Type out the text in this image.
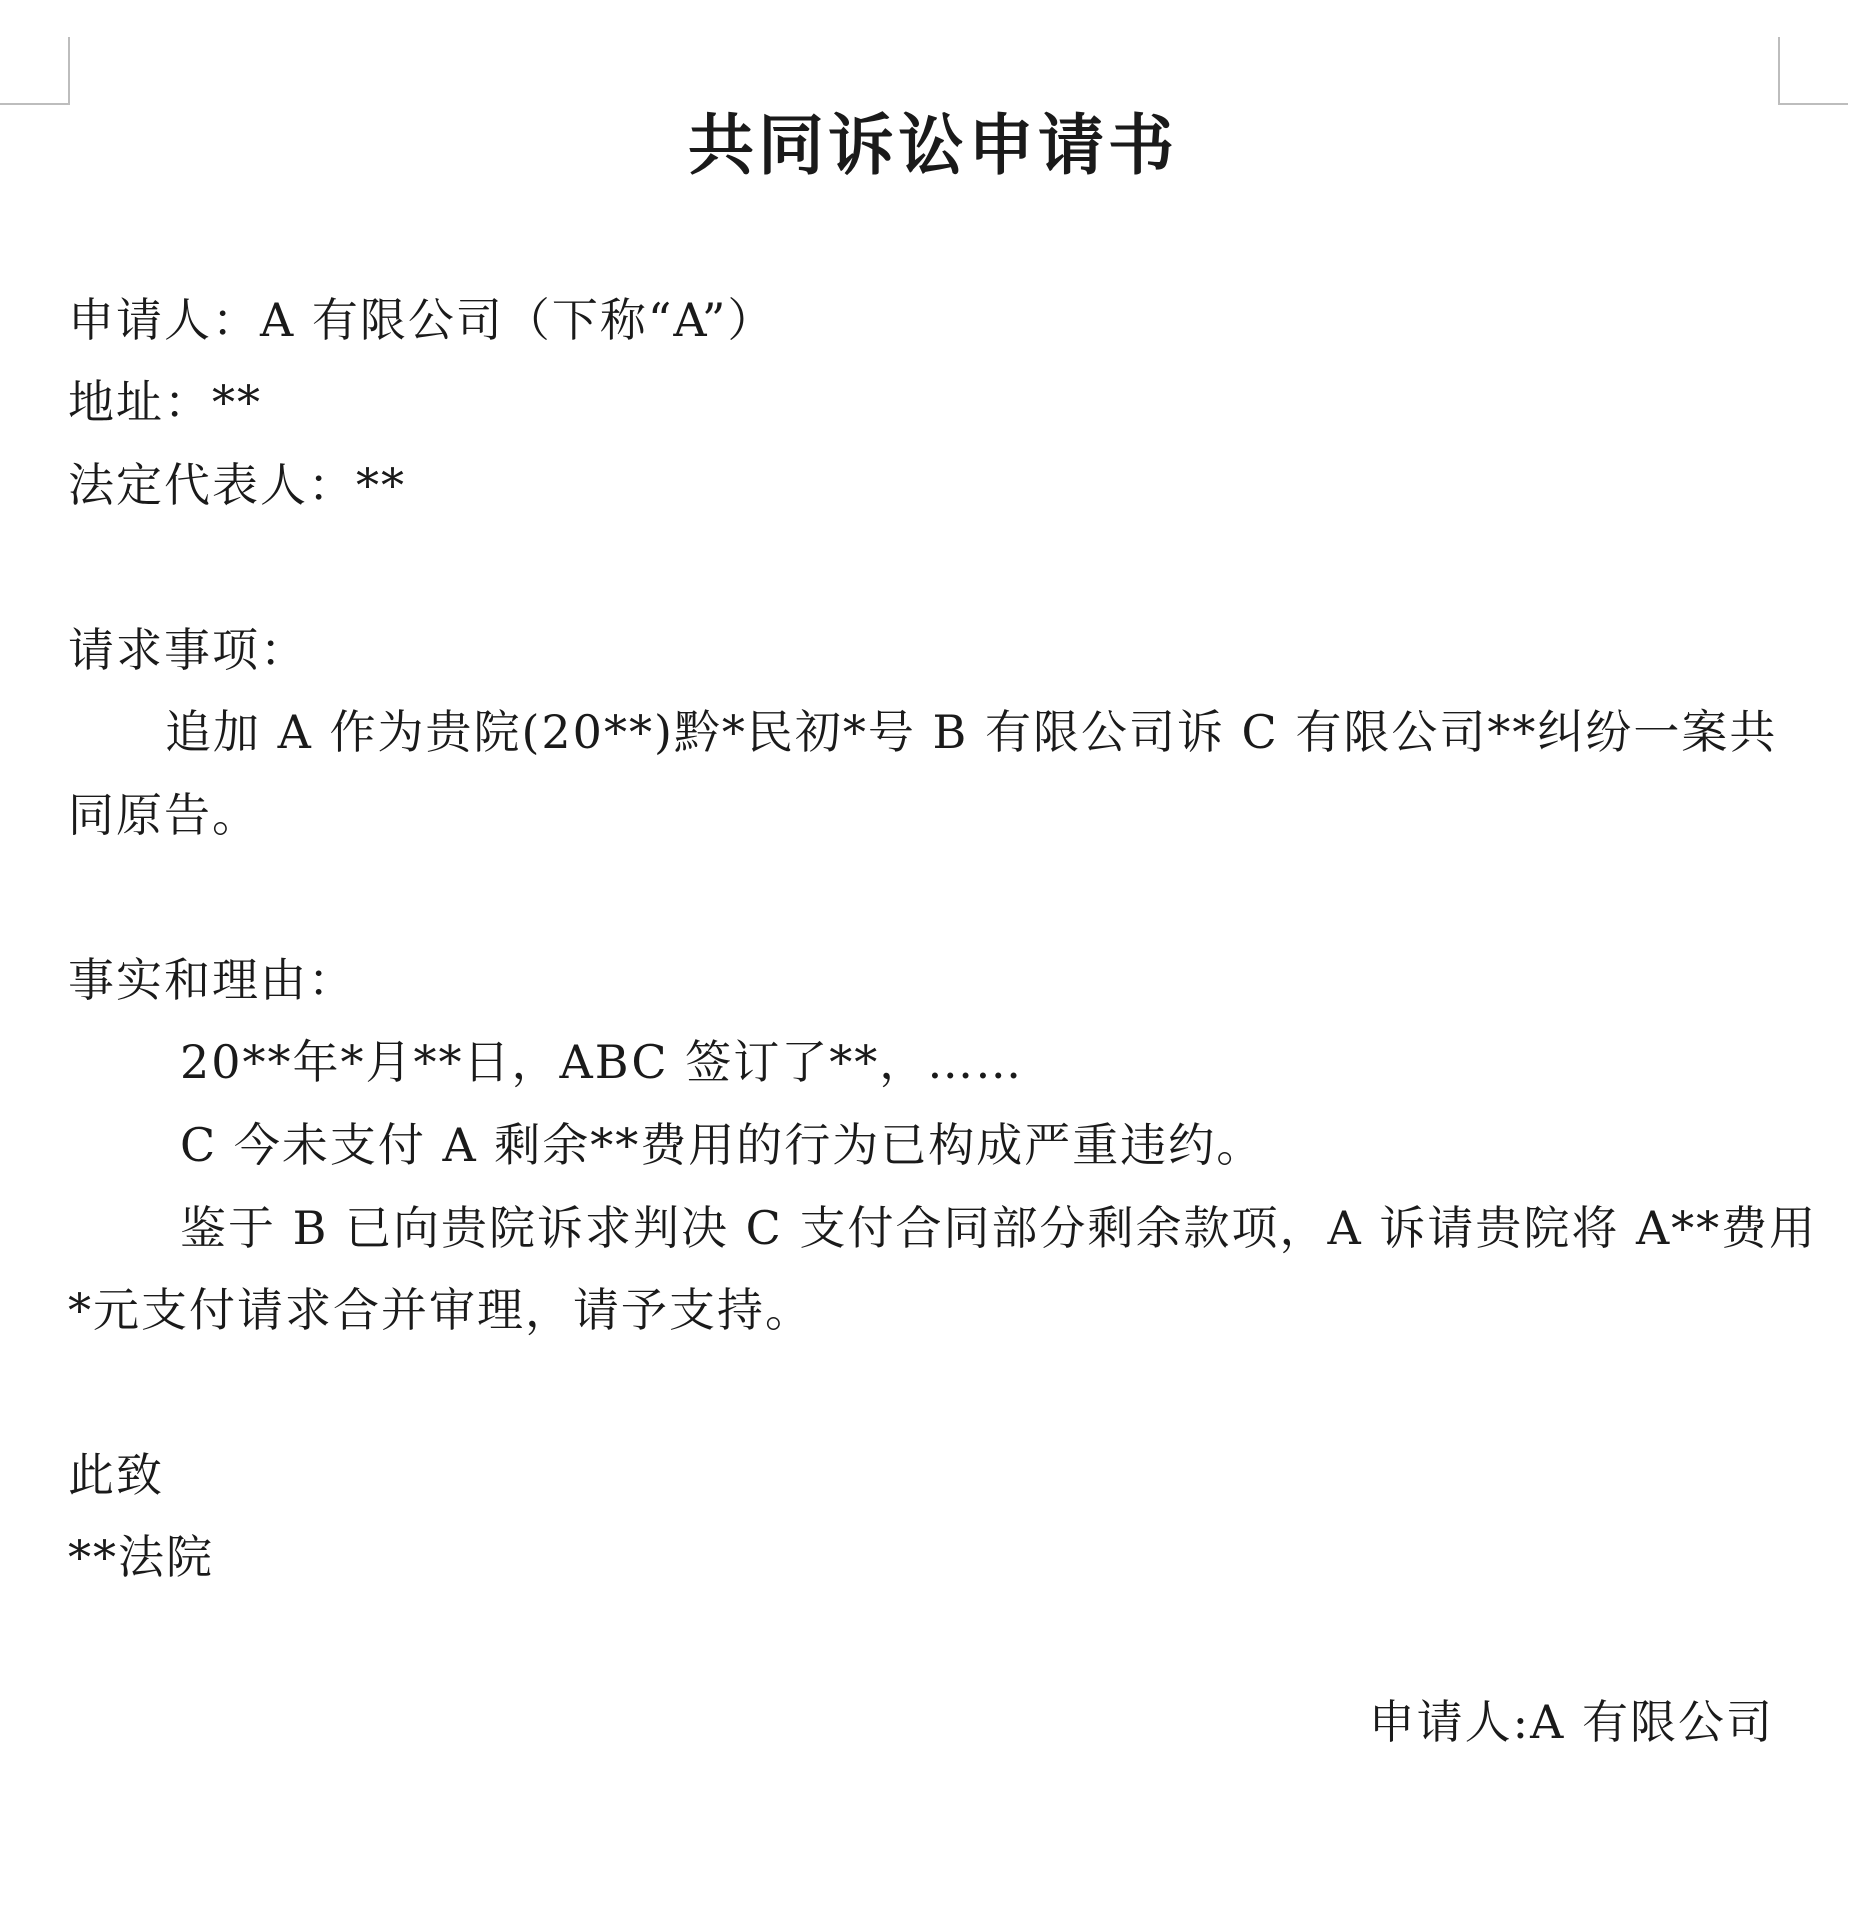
共同诉讼申请书
申请人：A 有限公司（下称“A”）
地址：**
法定代表人：**
请求事项：
追加 A 作为贵院(20**)黔*民初*号 B 有限公司诉 C 有限公司**纠纷一案共
同原告。
事实和理由：
20**年*月**日，ABC 签订了**，……
C 今未支付 A 剩余**费用的行为已构成严重违约。
鉴于 B 已向贵院诉求判决 C 支付合同部分剩余款项，A 诉请贵院将 A**费用
*元支付请求合并审理，请予支持。
此致
**法院
申请人:A 有限公司
